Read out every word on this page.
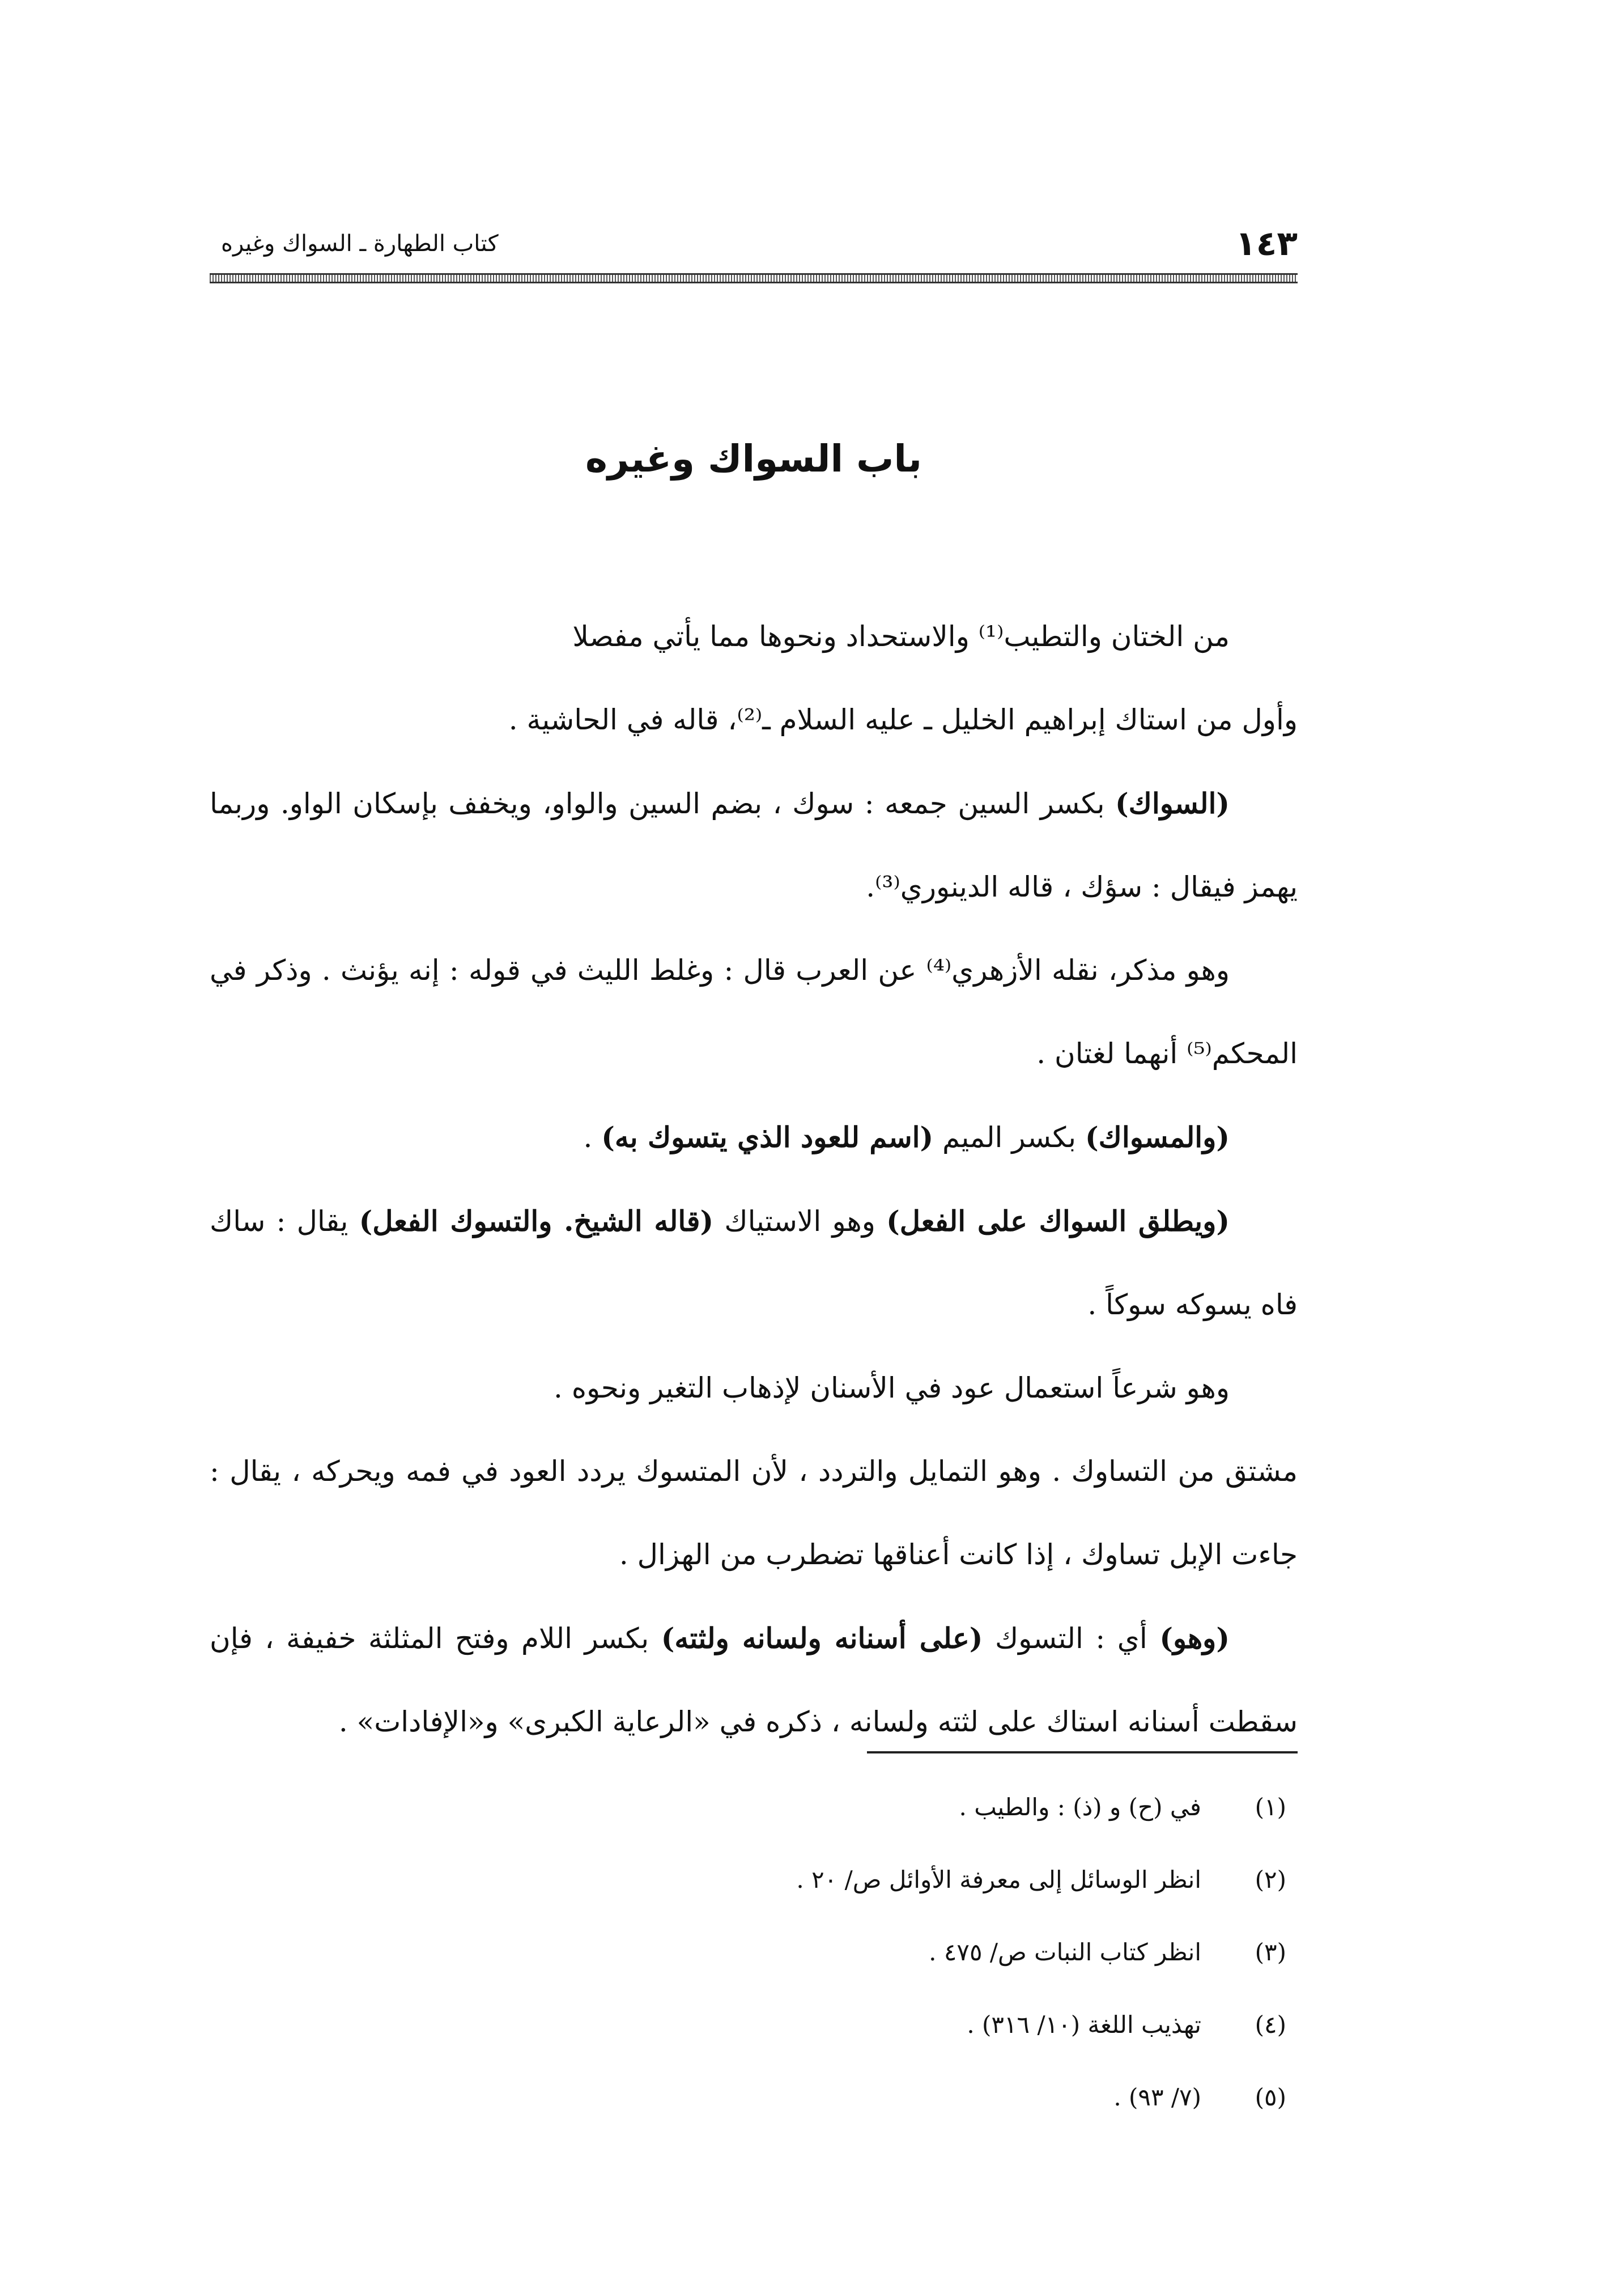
١٤٣
كتاب الطهارة ـ السواك وغيره
باب السواك وغيره

من الختان والتطيب⁽¹⁾ والاستحداد ونحوها مما يأتي مفصلا
وأول من استاك إبراهيم الخليل ـ عليه السلام ـ⁽²⁾، قاله في الحاشية .

(السواك) بكسر السين جمعه : سوك ، بضم السين والواو، ويخفف بإسكان الواو. وربما يهمز فيقال : سؤك ، قاله الدينوري⁽³⁾.

وهو مذكر، نقله الأزهري⁽⁴⁾ عن العرب قال : وغلط الليث في قوله : إنه يؤنث . وذكر في المحكم⁽⁵⁾ أنهما لغتان .

(والمسواك) بكسر الميم (اسم للعود الذي يتسوك به) .

(ويطلق السواك على الفعل) وهو الاستياك (قاله الشيخ. والتسوك الفعل) يقال : ساك فاه يسوكه سوكاً .

وهو شرعاً استعمال عود في الأسنان لإذهاب التغير ونحوه .

مشتق من التساوك . وهو التمايل والتردد ، لأن المتسوك يردد العود في فمه ويحركه ، يقال : جاءت الإبل تساوك ، إذا كانت أعناقها تضطرب من الهزال .

(وهو) أي : التسوك (على أسنانه ولسانه ولثته) بكسر اللام وفتح المثلثة خفيفة ، فإن سقطت أسنانه استاك على لثته ولسانه ، ذكره في «الرعاية الكبرى» و«الإفادات» .

(١)في (ح) و (ذ) : والطيب .
(٢)انظر الوسائل إلى معرفة الأوائل ص/ ٢٠ .
(٣)انظر كتاب النبات ص/ ٤٧٥ .
(٤)تهذيب اللغة (١٠/ ٣١٦) .
(٥)(٧/ ٩٣) .
